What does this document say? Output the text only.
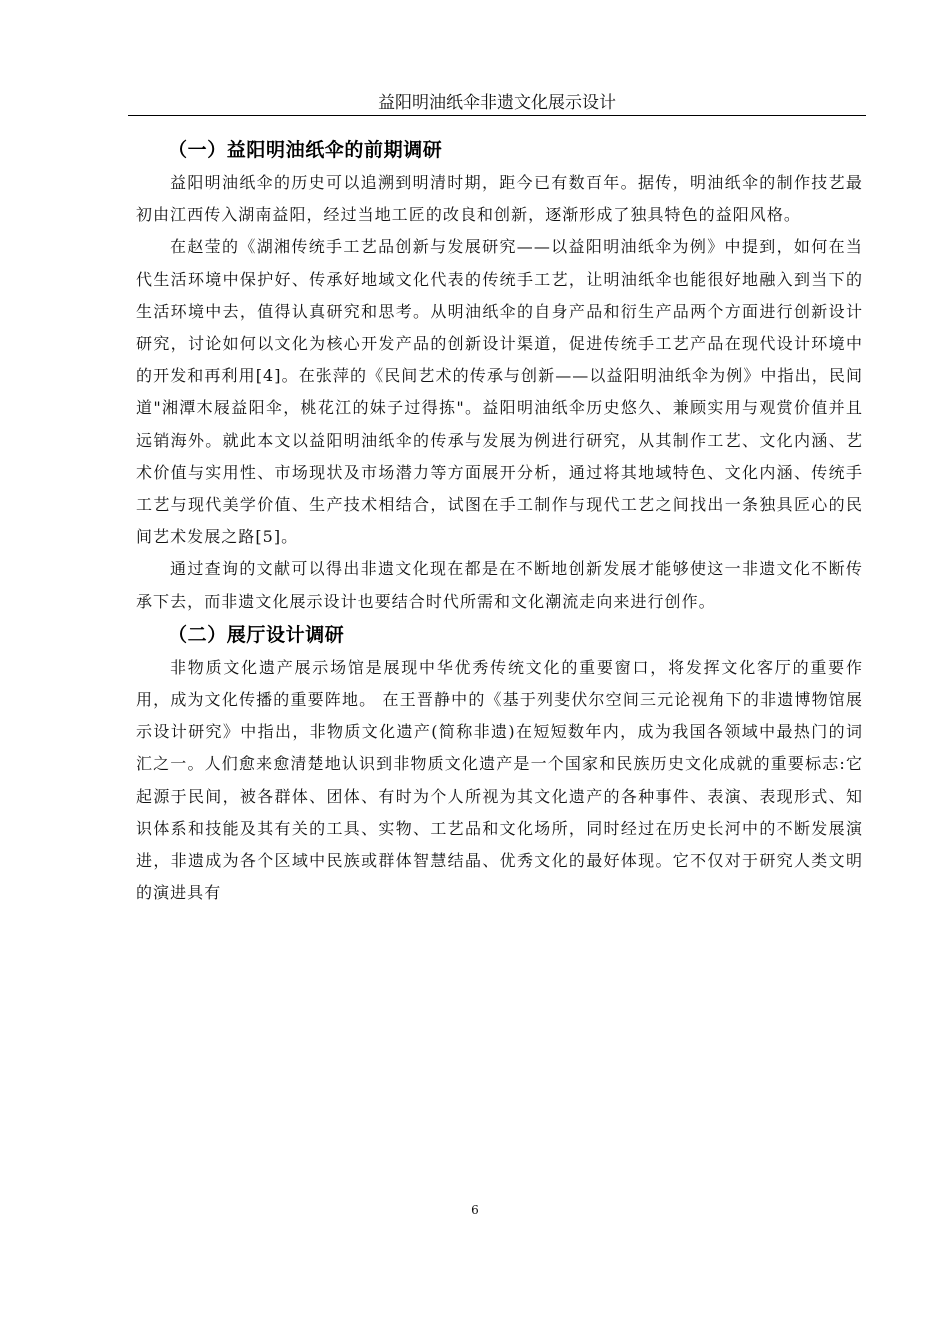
益阳明油纸伞非遗文化展示设计
（一）益阳明油纸伞的前期调研

益阳明油纸伞的历史可以追溯到明清时期，距今已有数百年。据传，明油纸伞的制作技艺最初由江西传入湖南益阳，经过当地工匠的改良和创新，逐渐形成了独具特色的益阳风格。

在赵莹的《湖湘传统手工艺品创新与发展研究——以益阳明油纸伞为例》中提到，如何在当代生活环境中保护好、传承好地域文化代表的传统手工艺，让明油纸伞也能很好地融入到当下的生活环境中去，值得认真研究和思考。从明油纸伞的自身产品和衍生产品两个方面进行创新设计研究，讨论如何以文化为核心开发产品的创新设计渠道，促进传统手工艺产品在现代设计环境中的开发和再利用[4]。在张萍的《民间艺术的传承与创新——以益阳明油纸伞为例》中指出，民间道"湘潭木屐益阳伞，桃花江的妹子过得拣"。益阳明油纸伞历史悠久、兼顾实用与观赏价值并且远销海外。就此本文以益阳明油纸伞的传承与发展为例进行研究，从其制作工艺、文化内涵、艺术价值与实用性、市场现状及市场潜力等方面展开分析，通过将其地域特色、文化内涵、传统手工艺与现代美学价值、生产技术相结合，试图在手工制作与现代工艺之间找出一条独具匠心的民间艺术发展之路[5]。

通过查询的文献可以得出非遗文化现在都是在不断地创新发展才能够使这一非遗文化不断传承下去，而非遗文化展示设计也要结合时代所需和文化潮流走向来进行创作。

（二）展厅设计调研

非物质文化遗产展示场馆是展现中华优秀传统文化的重要窗口，将发挥文化客厅的重要作用，成为文化传播的重要阵地。 在王晋静中的《基于列斐伏尔空间三元论视角下的非遗博物馆展示设计研究》中指出，非物质文化遗产(简称非遗)在短短数年内，成为我国各领域中最热门的词汇之一。人们愈来愈清楚地认识到非物质文化遗产是一个国家和民族历史文化成就的重要标志:它起源于民间，被各群体、团体、有时为个人所视为其文化遗产的各种事件、表演、表现形式、知识体系和技能及其有关的工具、实物、工艺品和文化场所，同时经过在历史长河中的不断发展演进，非遗成为各个区域中民族或群体智慧结晶、优秀文化的最好体现。它不仅对于研究人类文明的演进具有

6
